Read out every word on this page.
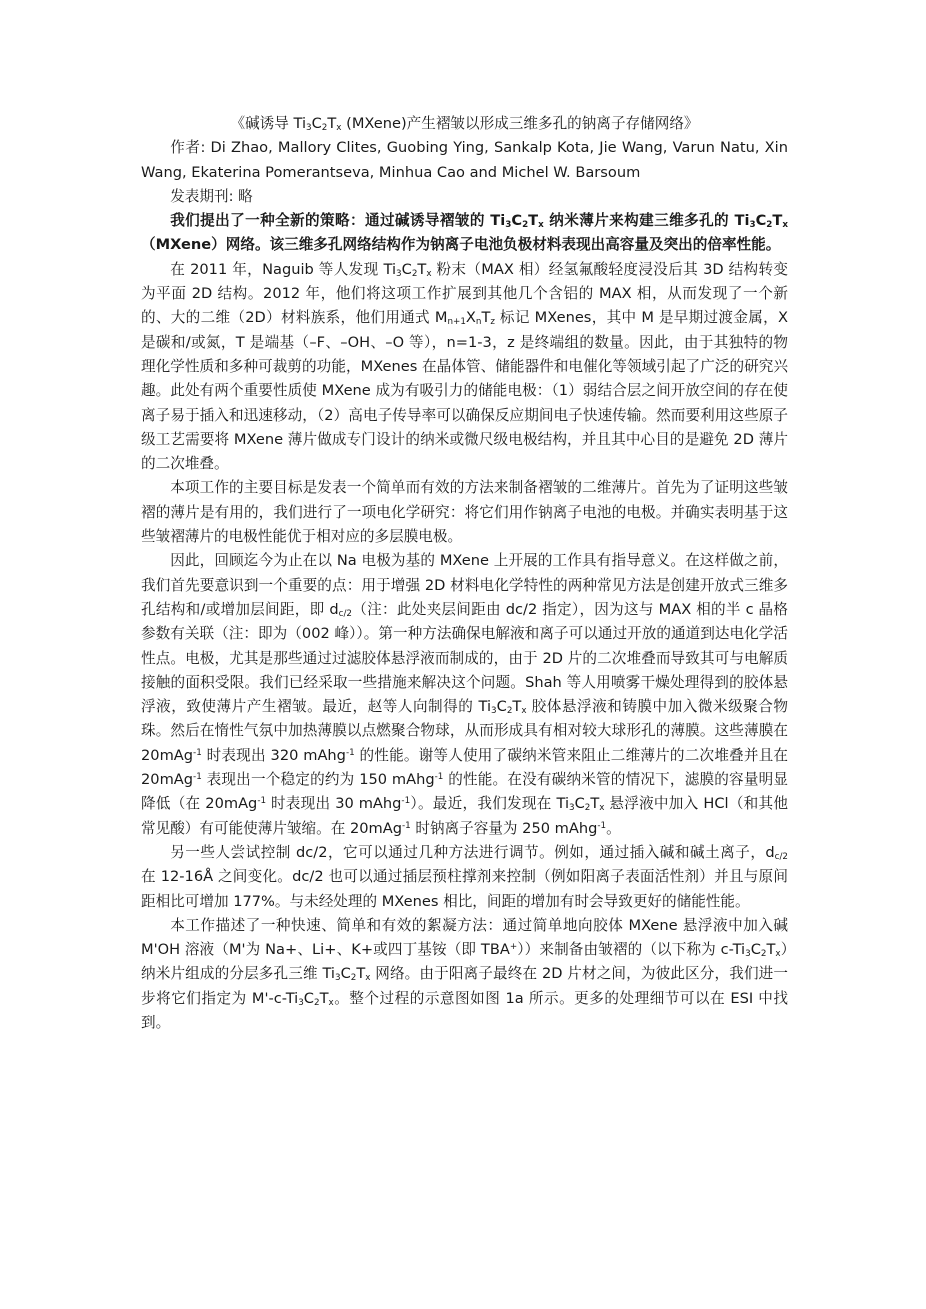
《碱诱导 $Ti_3C_2T_x$ (MXene)产生褶皱以形成三维多孔的钠离子存储网络》

作者: Di Zhao, Mallory Clites, Guobing Ying, Sankalp Kota, Jie Wang, Varun Natu, Xin Wang, Ekaterina Pomerantseva, Minhua Cao and Michel W. Barsoum

发表期刊: 略

我们提出了一种全新的策略：通过碱诱导褶皱的 $Ti_3C_2T_x$ 纳米薄片来构建三维多孔的 $Ti_3C_2T_x(MXene)$网络。该三维多孔网络结构作为钠离子电池负极材料表现出高容量及突出的倍率性能。

在 2011 年，Naguib 等人发现 $Ti_3C_2T_x$ 粉末（MAX 相）经氢氟酸轻度浸没后其 3D 结构转变为平面 2D 结构。2012 年，他们将这项工作扩展到其他几个含铝的 MAX 相，从而发现了一个新的、大的二维（2D）材料族系，他们用通式 $M_{n+1}X_nT_z$ 标记 MXenes，其中 M 是早期过渡金属，X 是碳和/或氮，T 是端基（–F、–OH、–O 等），n=1-3，z 是终端组的数量。因此，由于其独特的物理化学性质和多种可裁剪的功能，MXenes 在晶体管、储能器件和电催化等领域引起了广泛的研究兴趣。此处有两个重要性质使 MXene 成为有吸引力的储能电极：（1）弱结合层之间开放空间的存在使离子易于插入和迅速移动，（2）高电子传导率可以确保反应期间电子快速传输。然而要利用这些原子级工艺需要将 MXene 薄片做成专门设计的纳米或微尺级电极结构，并且其中心目的是避免 2D 薄片的二次堆叠。

本项工作的主要目标是发表一个简单而有效的方法来制备褶皱的二维薄片。首先为了证明这些皱褶的薄片是有用的，我们进行了一项电化学研究：将它们用作钠离子电池的电极。并确实表明基于这些皱褶薄片的电极性能优于相对应的多层膜电极。

因此，回顾迄今为止在以 Na 电极为基的 MXene 上开展的工作具有指导意义。在这样做之前，我们首先要意识到一个重要的点：用于增强 2D 材料电化学特性的两种常见方法是创建开放式三维多孔结构和/或增加层间距，即 $d_{c/2}$（注：此处夹层间距由 dc/2 指定），因为这与 MAX 相的半 c 晶格参数有关联（注：即为（002 峰））。第一种方法确保电解液和离子可以通过开放的通道到达电化学活性点。电极，尤其是那些通过过滤胶体悬浮液而制成的，由于 2D 片的二次堆叠而导致其可与电解质接触的面积受限。我们已经采取一些措施来解决这个问题。Shah 等人用喷雾干燥处理得到的胶体悬浮液，致使薄片产生褶皱。最近，赵等人向制得的 $Ti_3C_2T_x$ 胶体悬浮液和铸膜中加入微米级聚合物珠。然后在惰性气氛中加热薄膜以点燃聚合物球，从而形成具有相对较大球形孔的薄膜。这些薄膜在 20mAg$^{-1}$ 时表现出 320 mAhg$^{-1}$ 的性能。谢等人使用了碳纳米管来阻止二维薄片的二次堆叠并且在 20mAg$^{-1}$ 表现出一个稳定的约为 150 mAhg$^{-1}$ 的性能。在没有碳纳米管的情况下，滤膜的容量明显降低（在 20mAg$^{-1}$ 时表现出 30 mAhg$^{-1}$）。最近，我们发现在 $Ti_3C_2T_x$ 悬浮液中加入 HCl（和其他常见酸）有可能使薄片皱缩。在 20mAg$^{-1}$ 时钠离子容量为 250 mAhg$^{-1}$。

另一些人尝试控制 dc/2，它可以通过几种方法进行调节。例如，通过插入碱和碱土离子，$d_{c/2}$ 在 12-16Å 之间变化。dc/2 也可以通过插层预柱撑剂来控制（例如阳离子表面活性剂）并且与原间距相比可增加 177%。与未经处理的 MXenes 相比，间距的增加有时会导致更好的储能性能。

本工作描述了一种快速、简单和有效的絮凝方法：通过简单地向胶体 MXene 悬浮液中加入碱 M'OH 溶液（M'为 Na+、Li+、K+或四丁基铵（即 TBA+））来制备由皱褶的（以下称为 $c-Ti_3C_2T_x$）纳米片组成的分层多孔三维 $Ti_3C_2T_x$ 网络。由于阳离子最终在 2D 片材之间，为彼此区分，我们进一步将它们指定为 $M'-c-Ti_3C_2T_x$。整个过程的示意图如图 1a 所示。更多的处理细节可以在 ESI 中找到。
